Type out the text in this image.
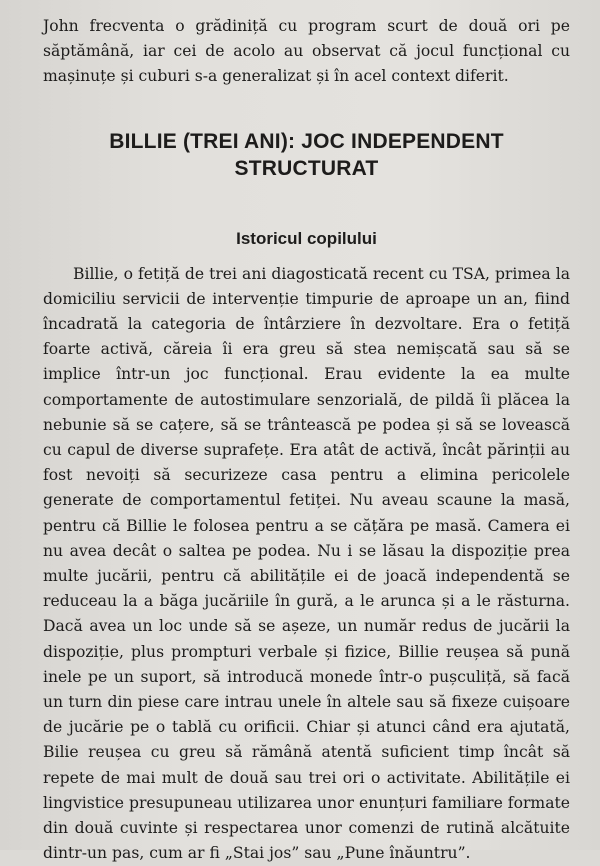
John frecventa o grădiniță cu program scurt de două ori pe săptămână, iar cei de acolo au observat că jocul funcțional cu mașinuțe și cuburi s-a generalizat și în acel context diferit.

BILLIE (TREI ANI): JOC INDEPENDENT STRUCTURAT
Istoricul copilului

Billie, o fetiță de trei ani diagosticată recent cu TSA, primea la domiciliu servicii de intervenție timpurie de aproape un an, fiind încadrată la categoria de întârziere în dezvoltare. Era o fetiță foarte activă, căreia îi era greu să stea nemișcată sau să se implice într-un joc funcțional. Erau evidente la ea multe comportamente de autostimulare senzorială, de pildă îi plăcea la nebunie să se cațere, să se trântească pe podea și să se lovească cu capul de diverse suprafețe. Era atât de activă, încât părinții au fost nevoiți să securizeze casa pentru a elimina pericolele generate de comportamentul fetiței. Nu aveau scaune la masă, pentru că Billie le folosea pentru a se cățăra pe masă. Camera ei nu avea decât o saltea pe podea. Nu i se lăsau la dispoziție prea multe jucării, pentru că abilitățile ei de joacă independentă se reduceau la a băga jucăriile în gură, a le arunca și a le răsturna. Dacă avea un loc unde să se așeze, un număr redus de jucării la dispoziție, plus prompturi verbale și fizice, Billie reușea să pună inele pe un suport, să introducă monede într-o pușculiță, să facă un turn din piese care intrau unele în altele sau să fixeze cuișoare de jucărie pe o tablă cu orificii. Chiar și atunci când era ajutată, Bilie reușea cu greu să rămână atentă suficient timp încât să repete de mai mult de două sau trei ori o activitate. Abilitățile ei lingvistice presupuneau utilizarea unor enunțuri familiare formate din două cuvinte și respectarea unor comenzi de rutină alcătuite dintr-un pas, cum ar fi „Stai jos” sau „Pune înăuntru”.
